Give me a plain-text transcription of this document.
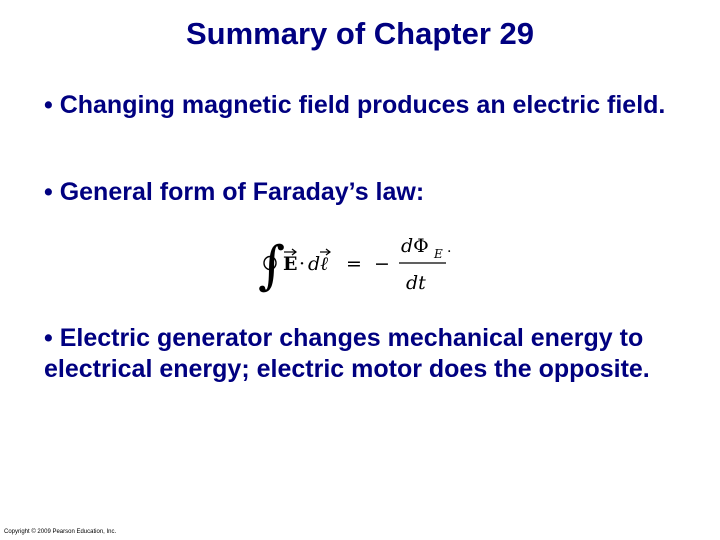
Summary of Chapter 29
• Changing magnetic field produces an electric field.
• General form of Faraday’s law:
∫
E · dℓ = −
dΦ E .
dt
• Electric generator changes mechanical energy to electrical energy; electric motor does the opposite.
Copyright © 2009 Pearson Education, Inc.
